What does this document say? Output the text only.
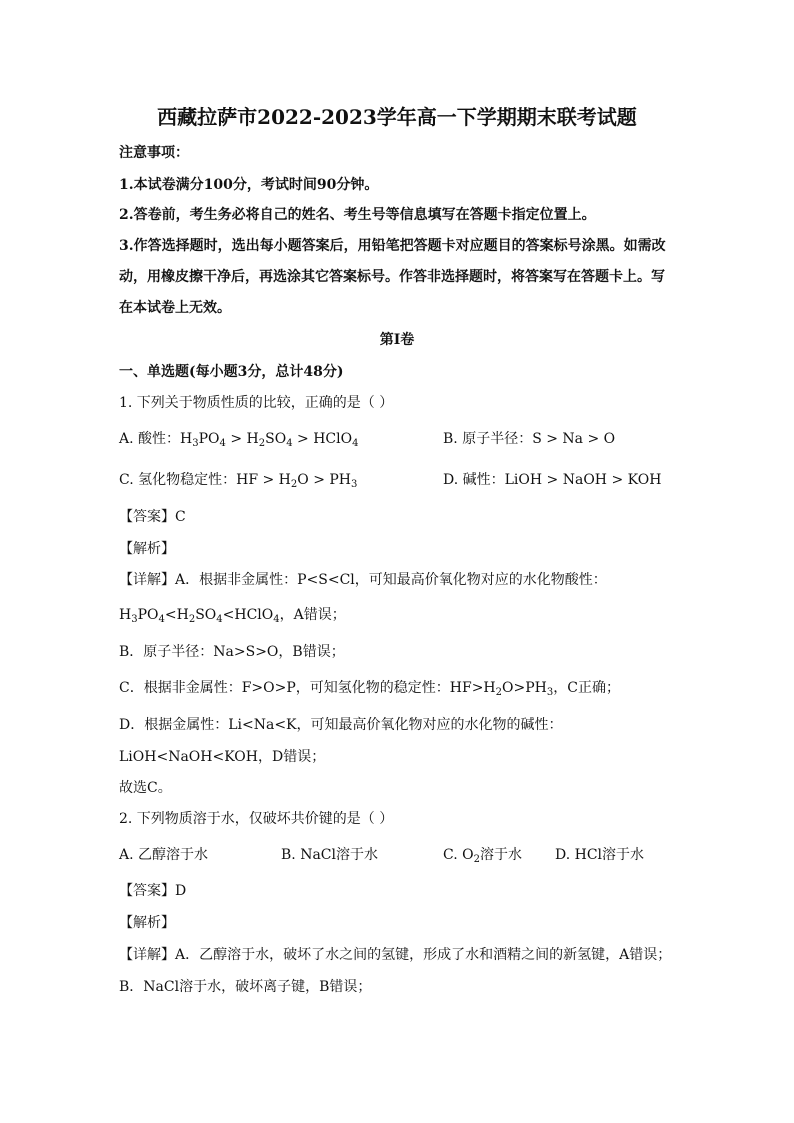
西藏拉萨市2022-2023学年高一下学期期末联考试题
注意事项：
1.本试卷满分100分，考试时间90分钟。
2.答卷前，考生务必将自己的姓名、考生号等信息填写在答题卡指定位置上。
3.作答选择题时，选出每小题答案后，用铅笔把答题卡对应题目的答案标号涂黑。如需改
动，用橡皮擦干净后，再选涂其它答案标号。作答非选择题时，将答案写在答题卡上。写
在本试卷上无效。
第I卷
一、单选题(每小题3分，总计48分)
1. 下列关于物质性质的比较，正确的是（ ）
A. 酸性：$H_3PO_4 > H_2SO_4$ > HClO$_4$	B. 原子半径：S > Na > O
C. 氢化物稳定性：HF > $H_2O > PH_3$	D. 碱性：LiOH > NaOH > KOH
【答案】C
【解析】
【详解】A．根据非金属性：P<S<Cl，可知最高价氧化物对应的水化物酸性：
$H_3PO_4<H_2SO_4<HClO_4$，A错误；
B．原子半径：Na>S>O，B错误；
C．根据非金属性：F>O>P，可知氢化物的稳定性：$HF>H_2O>PH_3$，C正确；
D．根据金属性：Li<Na<K，可知最高价氧化物对应的水化物的碱性：
LiOH<NaOH<KOH，D错误；
故选C。
2. 下列物质溶于水，仅破坏共价键的是（ ）
A. 乙醇溶于水	B. NaCl溶于水	C. $O_2$溶于水 D. HCl溶于水
【答案】D
【解析】
【详解】A．乙醇溶于水，破坏了水之间的氢键，形成了水和酒精之间的新氢键，A错误；
B．NaCl溶于水，破坏离子键，B错误；
